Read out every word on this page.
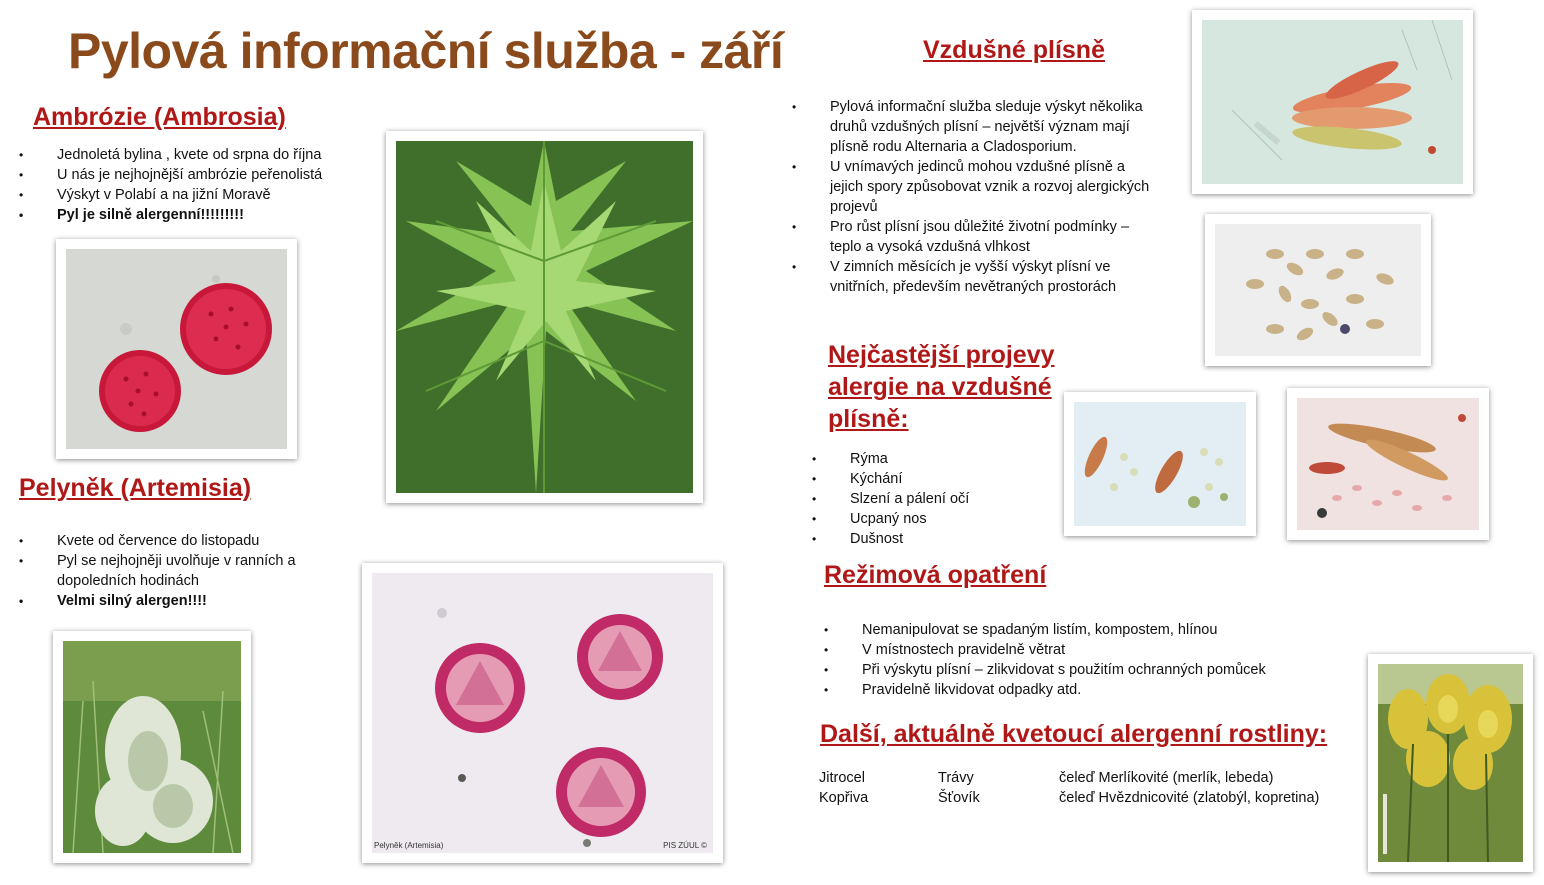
Pylová informační služba - září
Ambrózie (Ambrosia)
• Jednoletá bylina , kvete od srpna do října
• U nás je nejhojnější ambrózie peřenolistá
• Výskyt v Polabí a na jižní Moravě
• Pyl je silně alergenní!!!!!!!!!
Pelyněk (Artemisia)
• Kvete od července do listopadu
• Pyl se nejhojněji uvolňuje v ranních a dopoledních hodinách
• Velmi silný alergen!!!!
Pelyněk (Artemisia)	PIS ZÚUL ©
Vzdušné plísně
• Pylová informační služba sleduje výskyt několika druhů vzdušných plísní – největší význam mají plísně rodu Alternaria a Cladosporium.
• U vnímavých jedinců mohou vzdušné plísně a jejich spory způsobovat vznik a rozvoj alergických projevů
• Pro růst plísní jsou důležité životní podmínky – teplo a vysoká vzdušná vlhkost
• V zimních měsících je vyšší výskyt plísní ve vnitřních, především nevětraných prostorách
Nejčastější projevy alergie na vzdušné plísně:
• Rýma
• Kýchání
• Slzení a pálení očí
• Ucpaný nos
• Dušnost
Režimová opatření
• Nemanipulovat se spadaným listím, kompostem, hlínou
• V místnostech pravidelně větrat
• Při výskytu plísní – zlikvidovat s použitím ochranných pomůcek
• Pravidelně likvidovat odpadky atd.
Další, aktuálně kvetoucí alergenní rostliny:
Jitrocel	Trávy	čeleď Merlíkovité (merlík, lebeda)
Kopřiva	Šťovík	čeleď Hvězdnicovité (zlatobýl, kopretina)
